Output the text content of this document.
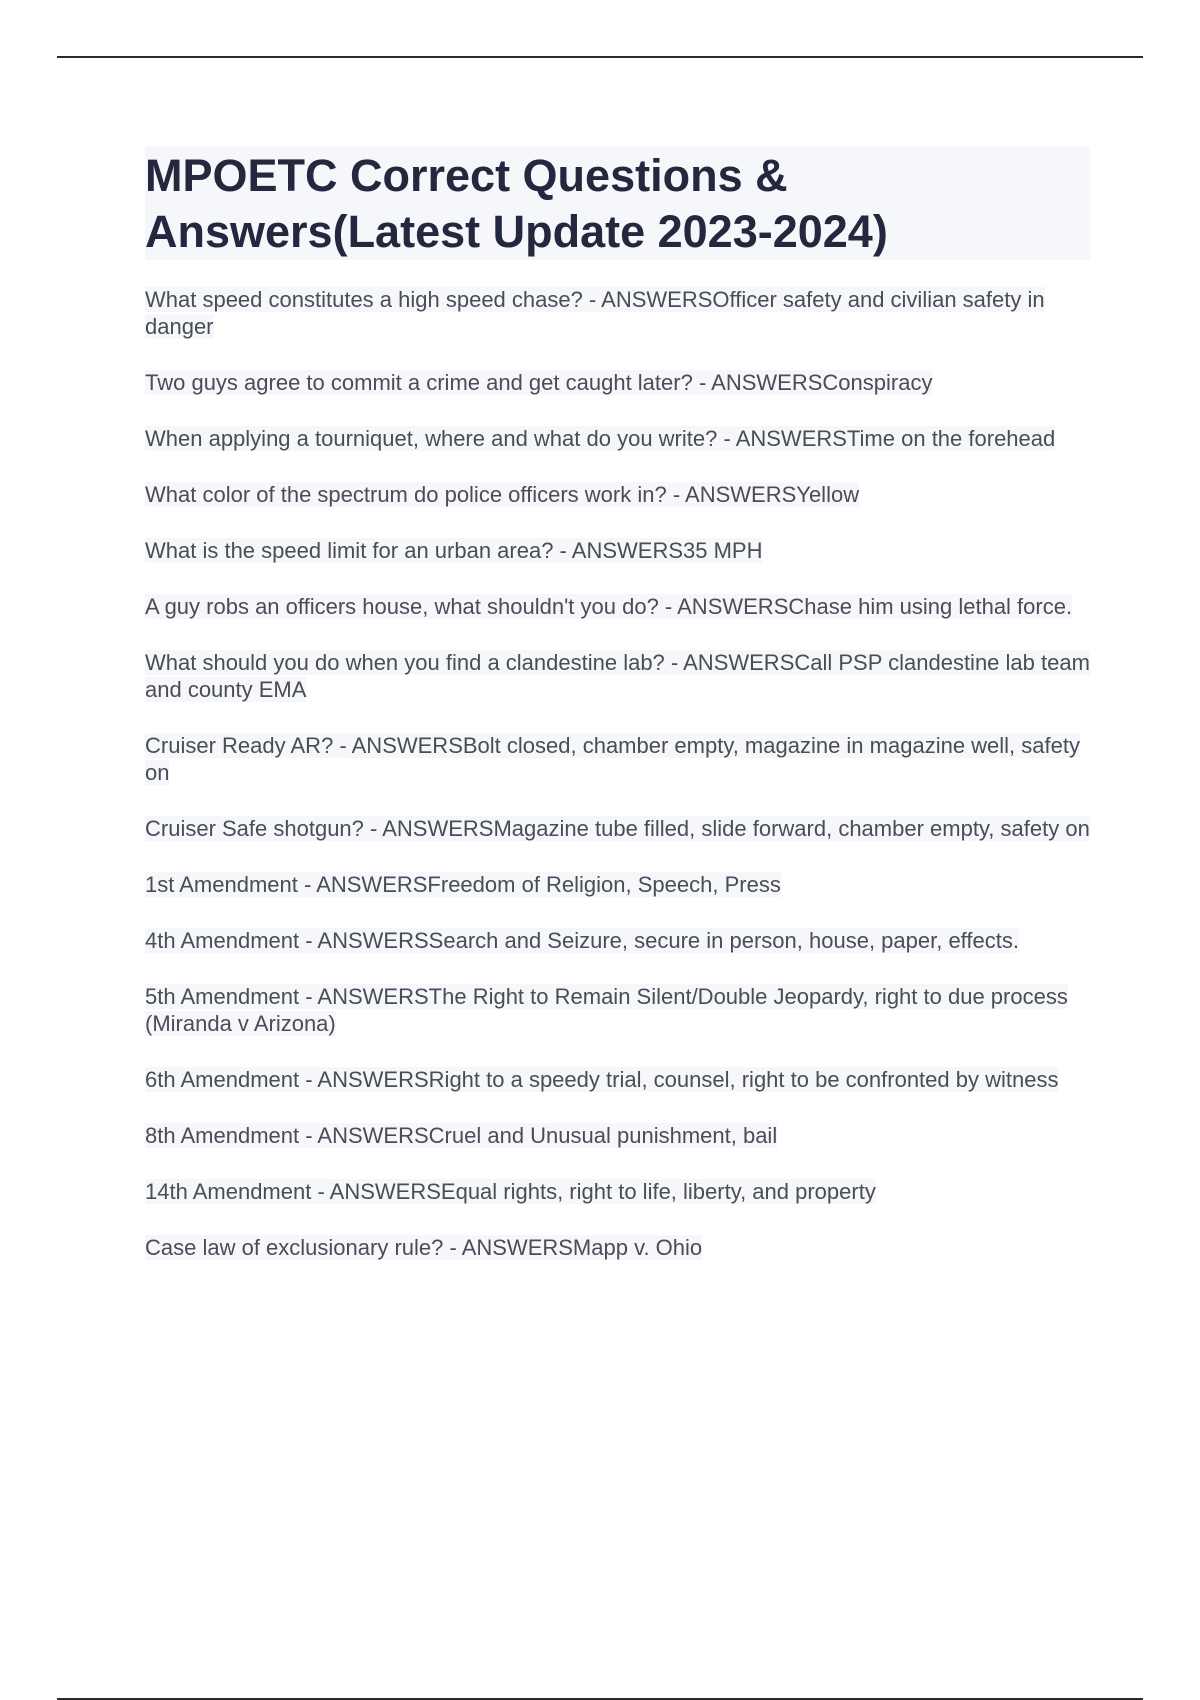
MPOETC Correct Questions & Answers(Latest Update 2023-2024)
What speed constitutes a high speed chase? - ANSWERSOfficer safety and civilian safety in danger
Two guys agree to commit a crime and get caught later? - ANSWERSConspiracy
When applying a tourniquet, where and what do you write? - ANSWERSTime on the forehead
What color of the spectrum do police officers work in? - ANSWERSYellow
What is the speed limit for an urban area? - ANSWERS35 MPH
A guy robs an officers house, what shouldn't you do? - ANSWERSChase him using lethal force.
What should you do when you find a clandestine lab? - ANSWERSCall PSP clandestine lab team and county EMA
Cruiser Ready AR? - ANSWERSBolt closed, chamber empty, magazine in magazine well, safety on
Cruiser Safe shotgun? - ANSWERSMagazine tube filled, slide forward, chamber empty, safety on
1st Amendment - ANSWERSFreedom of Religion, Speech, Press
4th Amendment - ANSWERSSearch and Seizure, secure in person, house, paper, effects.
5th Amendment - ANSWERSThe Right to Remain Silent/Double Jeopardy, right to due process (Miranda v Arizona)
6th Amendment - ANSWERSRight to a speedy trial, counsel, right to be confronted by witness
8th Amendment - ANSWERSCruel and Unusual punishment, bail
14th Amendment - ANSWERSEqual rights, right to life, liberty, and property
Case law of exclusionary rule? - ANSWERSMapp v. Ohio
